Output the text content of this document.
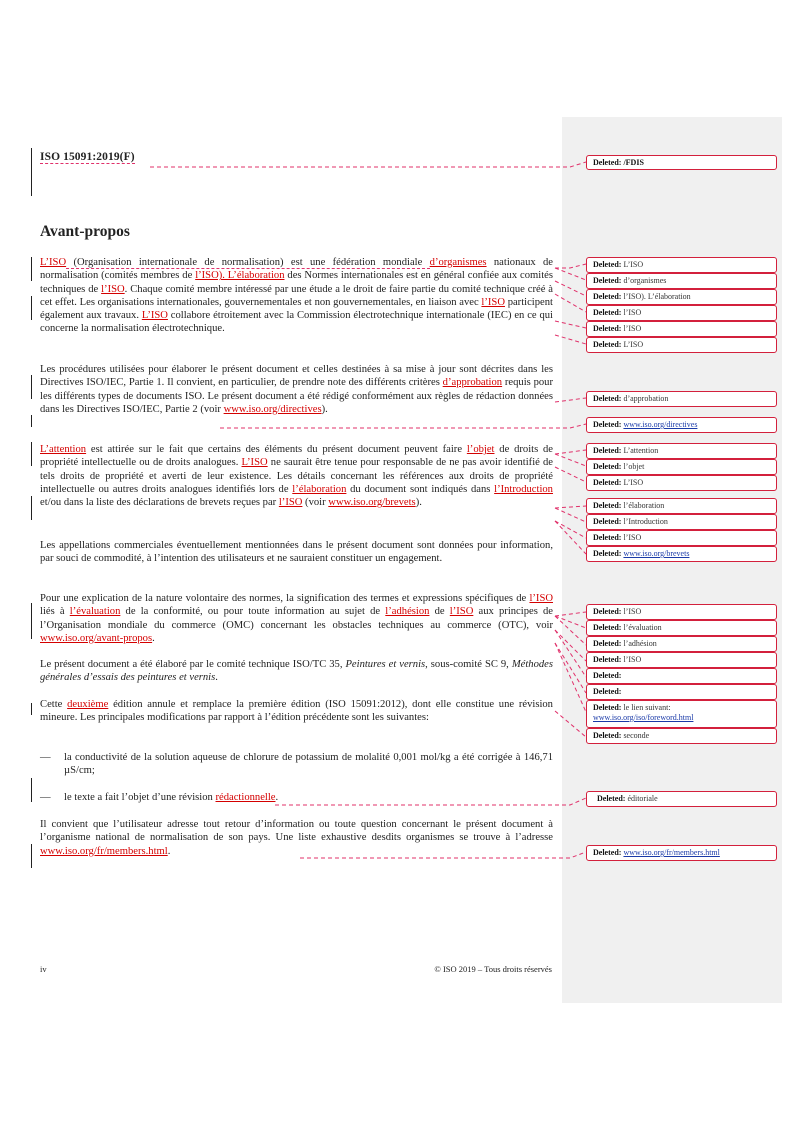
ISO 15091:2019(F)
Avant-propos

L’ISO (Organisation internationale de normalisation) est une fédération mondiale d’organismes nationaux de normalisation (comités membres de l’ISO). L’élaboration des Normes internationales est en général confiée aux comités techniques de l’ISO. Chaque comité membre intéressé par une étude a le droit de faire partie du comité technique créé à cet effet. Les organisations internationales, gouvernementales et non gouvernementales, en liaison avec l’ISO participent également aux travaux. L’ISO collabore étroitement avec la Commission électrotechnique internationale (IEC) en ce qui concerne la normalisation électrotechnique.

Les procédures utilisées pour élaborer le présent document et celles destinées à sa mise à jour sont décrites dans les Directives ISO/IEC, Partie 1. Il convient, en particulier, de prendre note des différents critères d’approbation requis pour les différents types de documents ISO. Le présent document a été rédigé conformément aux règles de rédaction données dans les Directives ISO/IEC, Partie 2 (voir www.iso.org/directives).

L’attention est attirée sur le fait que certains des éléments du présent document peuvent faire l’objet de droits de propriété intellectuelle ou de droits analogues. L’ISO ne saurait être tenue pour responsable de ne pas avoir identifié de tels droits de propriété et averti de leur existence. Les détails concernant les références aux droits de propriété intellectuelle ou autres droits analogues identifiés lors de l’élaboration du document sont indiqués dans l’Introduction et/ou dans la liste des déclarations de brevets reçues par l’ISO (voir www.iso.org/brevets).

Les appellations commerciales éventuellement mentionnées dans le présent document sont données pour information, par souci de commodité, à l’intention des utilisateurs et ne sauraient constituer un engagement.

Pour une explication de la nature volontaire des normes, la signification des termes et expressions spécifiques de l’ISO liés à l’évaluation de la conformité, ou pour toute information au sujet de l’adhésion de l’ISO aux principes de l’Organisation mondiale du commerce (OMC) concernant les obstacles techniques au commerce (OTC), voir www.iso.org/avant-propos.

Le présent document a été élaboré par le comité technique ISO/TC 35, Peintures et vernis, sous-comité SC 9, Méthodes générales d’essais des peintures et vernis.

Cette deuxième édition annule et remplace la première édition (ISO 15091:2012), dont elle constitue une révision mineure. Les principales modifications par rapport à l’édition précédente sont les suivantes:

— la conductivité de la solution aqueuse de chlorure de potassium de molalité 0,001 mol/kg a été corrigée à 146,71 µS/cm;
— le texte a fait l’objet d’une révision rédactionnelle.

Il convient que l’utilisateur adresse tout retour d’information ou toute question concernant le présent document à l’organisme national de normalisation de son pays. Une liste exhaustive desdits organismes se trouve à l’adresse www.iso.org/fr/members.html.

iv	© ISO 2019 – Tous droits réservés
Deleted: /FDIS
Deleted: L’ISO
Deleted: d’organismes
Deleted: l’ISO). L’élaboration
Deleted: l’ISO
Deleted: l’ISO
Deleted: L’ISO
Deleted: d’approbation
Deleted: www.iso.org/directives
Deleted: L’attention
Deleted: l’objet
Deleted: L’ISO
Deleted: l’élaboration
Deleted: l’Introduction
Deleted: l’ISO
Deleted: www.iso.org/brevets
Deleted: l’ISO
Deleted: l’évaluation
Deleted: l’adhésion
Deleted: l’ISO
Deleted:
Deleted:
Deleted: le lien suivant:
www.iso.org/iso/foreword.html
Deleted: seconde
Deleted: éditoriale
Deleted: www.iso.org/fr/members.html
